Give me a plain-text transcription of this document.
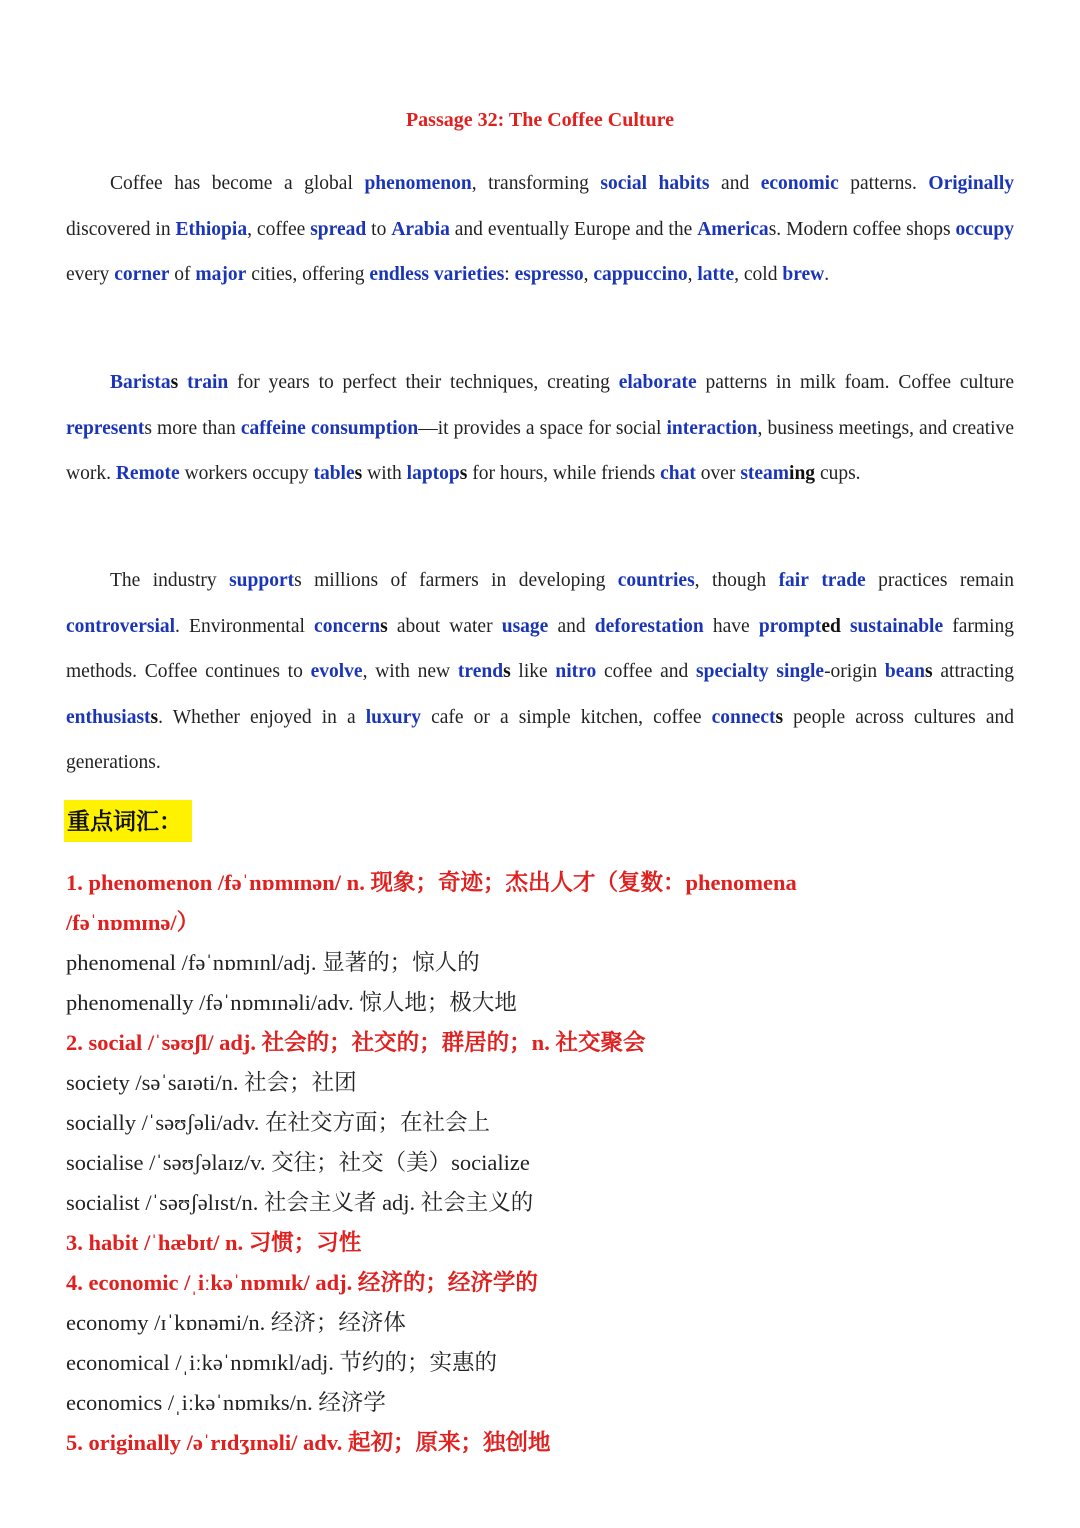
Passage 32: The Coffee Culture

Coffee has become a global phenomenon, transforming social habits and economic patterns. Originally discovered in Ethiopia, coffee spread to Arabia and eventually Europe and the Americas. Modern coffee shops occupy every corner of major cities, offering endless varieties: espresso, cappuccino, latte, cold brew.

Baristas train for years to perfect their techniques, creating elaborate patterns in milk foam. Coffee culture represents more than caffeine consumption—it provides a space for social interaction, business meetings, and creative work. Remote workers occupy tables with laptops for hours, while friends chat over steaming cups.

The industry supports millions of farmers in developing countries, though fair trade practices remain controversial. Environmental concerns about water usage and deforestation have prompted sustainable farming methods. Coffee continues to evolve, with new trends like nitro coffee and specialty single-origin beans attracting enthusiasts. Whether enjoyed in a luxury cafe or a simple kitchen, coffee connects people across cultures and generations.

重点词汇：
1. phenomenon /fəˈnɒmɪnən/ n. 现象；奇迹；杰出人才（复数：phenomena
/fəˈnɒmɪnə/）
phenomenal /fəˈnɒmɪnl/adj. 显著的；惊人的
phenomenally /fəˈnɒmɪnəli/adv. 惊人地；极大地
2. social /ˈsəʊʃl/ adj. 社会的；社交的；群居的；n. 社交聚会
society /səˈsaɪəti/n. 社会；社团
socially /ˈsəʊʃəli/adv. 在社交方面；在社会上
socialise /ˈsəʊʃəlaɪz/v. 交往；社交（美）socialize
socialist /ˈsəʊʃəlɪst/n. 社会主义者 adj. 社会主义的
3. habit /ˈhæbɪt/ n. 习惯；习性
4. economic /ˌiːkəˈnɒmɪk/ adj. 经济的；经济学的
economy /ɪˈkɒnəmi/n. 经济；经济体
economical /ˌiːkəˈnɒmɪkl/adj. 节约的；实惠的
economics /ˌiːkəˈnɒmɪks/n. 经济学
5. originally /əˈrɪdʒɪnəli/ adv. 起初；原来；独创地
